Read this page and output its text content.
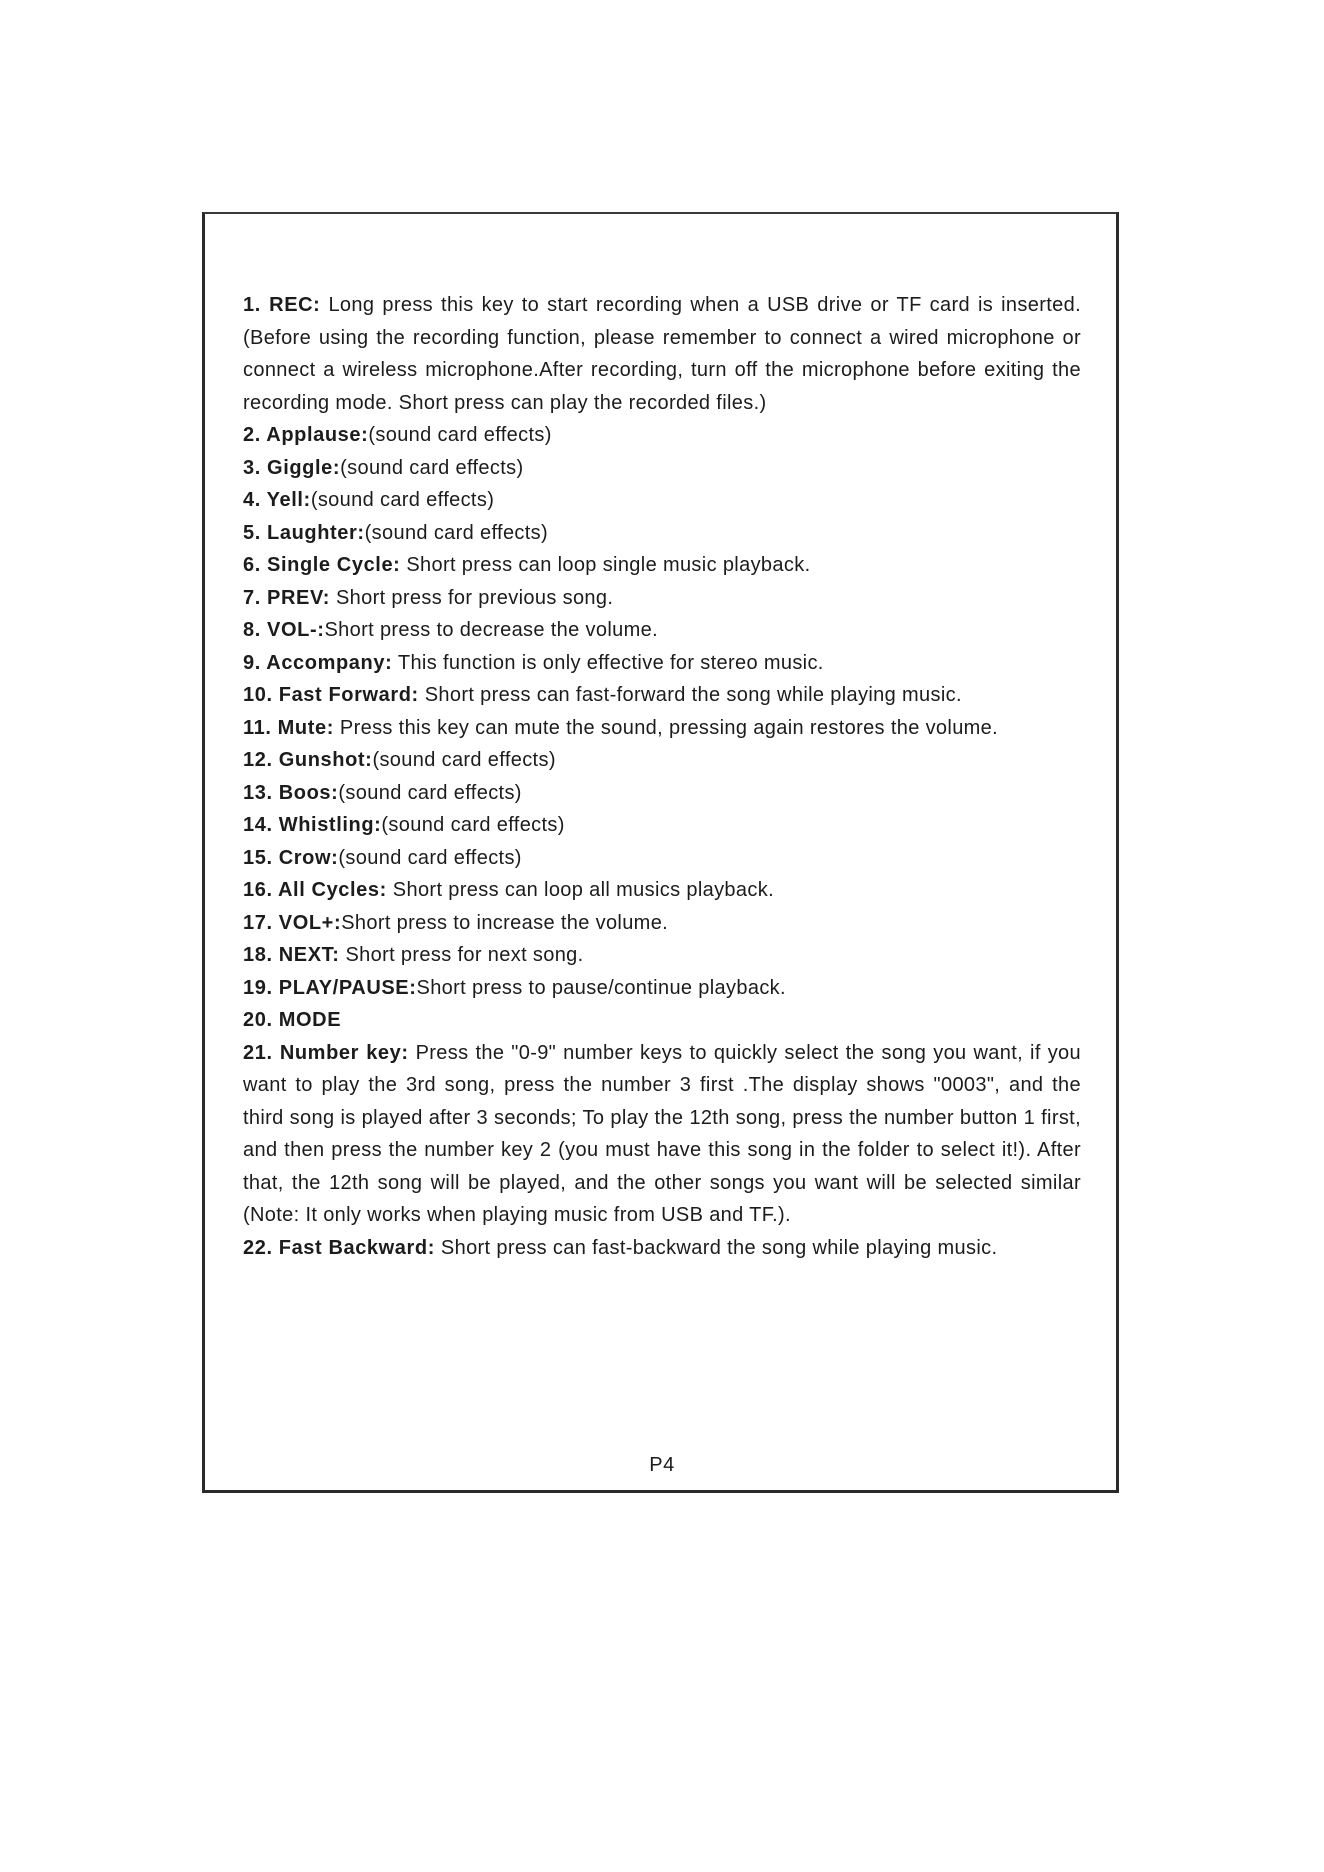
1. REC: Long press this key to start recording when a USB drive or TF card is inserted. (Before using the recording function, please remember to connect a wired microphone or connect a wireless microphone.After recording, turn off the microphone before exiting the recording mode. Short press can play the recorded files.)

2. Applause:(sound card effects)

3. Giggle:(sound card effects)

4. Yell:(sound card effects)

5. Laughter:(sound card effects)

6. Single Cycle: Short press can loop single music playback.

7. PREV: Short press for previous song.

8. VOL-:Short press to decrease the volume.

9. Accompany: This function is only effective for stereo music.

10. Fast Forward: Short press can fast-forward the song while playing music.

11. Mute: Press this key can mute the sound, pressing again restores the volume.

12. Gunshot:(sound card effects)

13. Boos:(sound card effects)

14. Whistling:(sound card effects)

15. Crow:(sound card effects)

16. All Cycles: Short press can loop all musics playback.

17. VOL+:Short press to increase the volume.

18. NEXT: Short press for next song.

19. PLAY/PAUSE:Short press to pause/continue playback.

20. MODE

21. Number key: Press the "0-9" number keys to quickly select the song you want, if you want to play the 3rd song, press the number 3 first .The display shows "0003", and the third song is played after 3 seconds; To play the 12th song, press the number button 1 first, and then press the number key 2 (you must have this song in the folder to select it!). After that, the 12th song will be played, and the other songs you want will be selected similar (Note: It only works when playing music from USB and TF.).

22. Fast Backward: Short press can fast-backward the song while playing music.

P4
